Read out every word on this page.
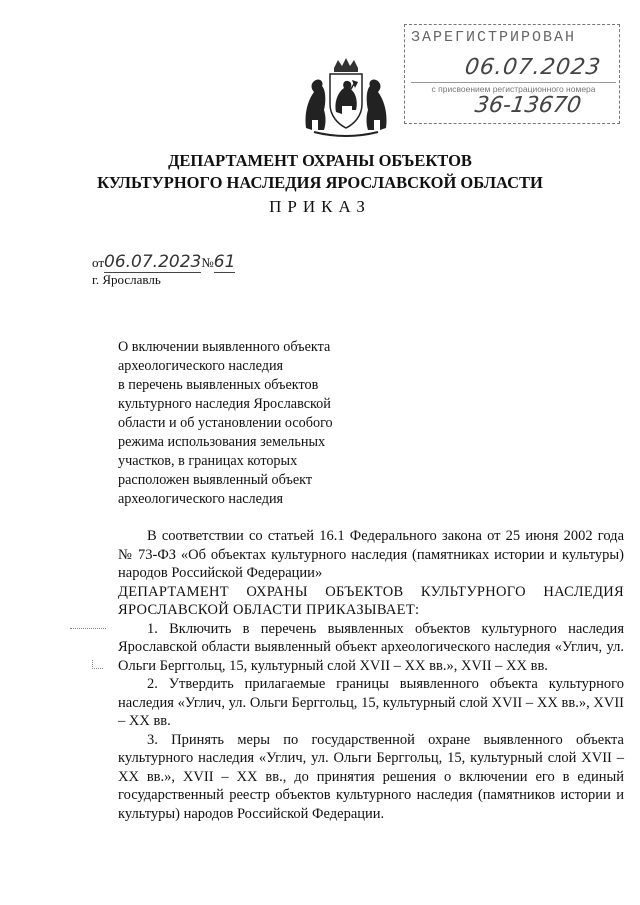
ЗАРЕГИСТРИРОВАН
06.07.2023
с присвоением регистрационного номера
36-13670
ДЕПАРТАМЕНТ ОХРАНЫ ОБЪЕКТОВ
КУЛЬТУРНОГО НАСЛЕДИЯ ЯРОСЛАВСКОЙ ОБЛАСТИ
ПРИКАЗ
от06.07.2023№61
г. Ярославль
О включении выявленного объекта
археологического наследия
в перечень выявленных объектов
культурного наследия Ярославской
области и об установлении особого
режима использования земельных
участков, в границах которых
расположен выявленный объект
археологического наследия

В соответствии со статьей 16.1 Федерального закона от 25 июня 2002 года № 73-ФЗ «Об объектах культурного наследия (памятниках истории и культуры) народов Российской Федерации»

ДЕПАРТАМЕНТ ОХРАНЫ ОБЪЕКТОВ КУЛЬТУРНОГО НАСЛЕДИЯ ЯРОСЛАВСКОЙ ОБЛАСТИ ПРИКАЗЫВАЕТ:

1. Включить в перечень выявленных объектов культурного наследия Ярославской области выявленный объект археологического наследия «Углич, ул. Ольги Берггольц, 15, культурный слой XVII – XX вв.», XVII – XX вв.

2. Утвердить прилагаемые границы выявленного объекта культурного наследия «Углич, ул. Ольги Берггольц, 15, культурный слой XVII – XX вв.», XVII – XX вв.

3. Принять меры по государственной охране выявленного объекта культурного наследия «Углич, ул. Ольги Берггольц, 15, культурный слой XVII – XX вв.», XVII – XX вв., до принятия решения о включении его в единый государственный реестр объектов культурного наследия (памятников истории и культуры) народов Российской Федерации.
